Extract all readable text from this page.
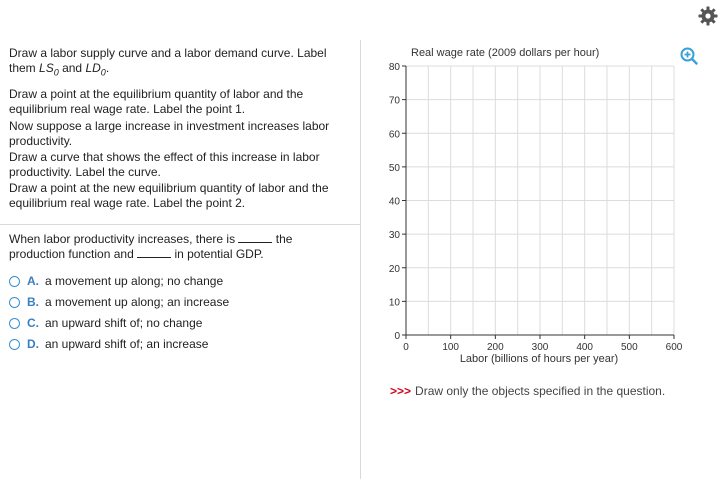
Draw a labor supply curve and a labor demand curve. Label
them $LS_0$ and $LD_0$.
Draw a point at the equilibrium quantity of labor and the equilibrium real wage rate. Label the point 1.
Now suppose a large increase in investment increases labor productivity.
Draw a curve that shows the effect of this increase in labor productivity. Label the curve.
Draw a point at the new equilibrium quantity of labor and the equilibrium real wage rate. Label the point 2.
When labor productivity increases, there is	the
production function and	in potential GDP.
A. a movement up along; no change
B. a movement up along; an increase
C. an upward shift of; no change
D. an upward shift of; an increase
0
10
20
30
40
50
60
70
80
0	100	200	300	400	500	600
Real wage rate (2009 dollars per hour)
Labor (billions of hours per year)
>>> Draw only the objects specified in the question.
